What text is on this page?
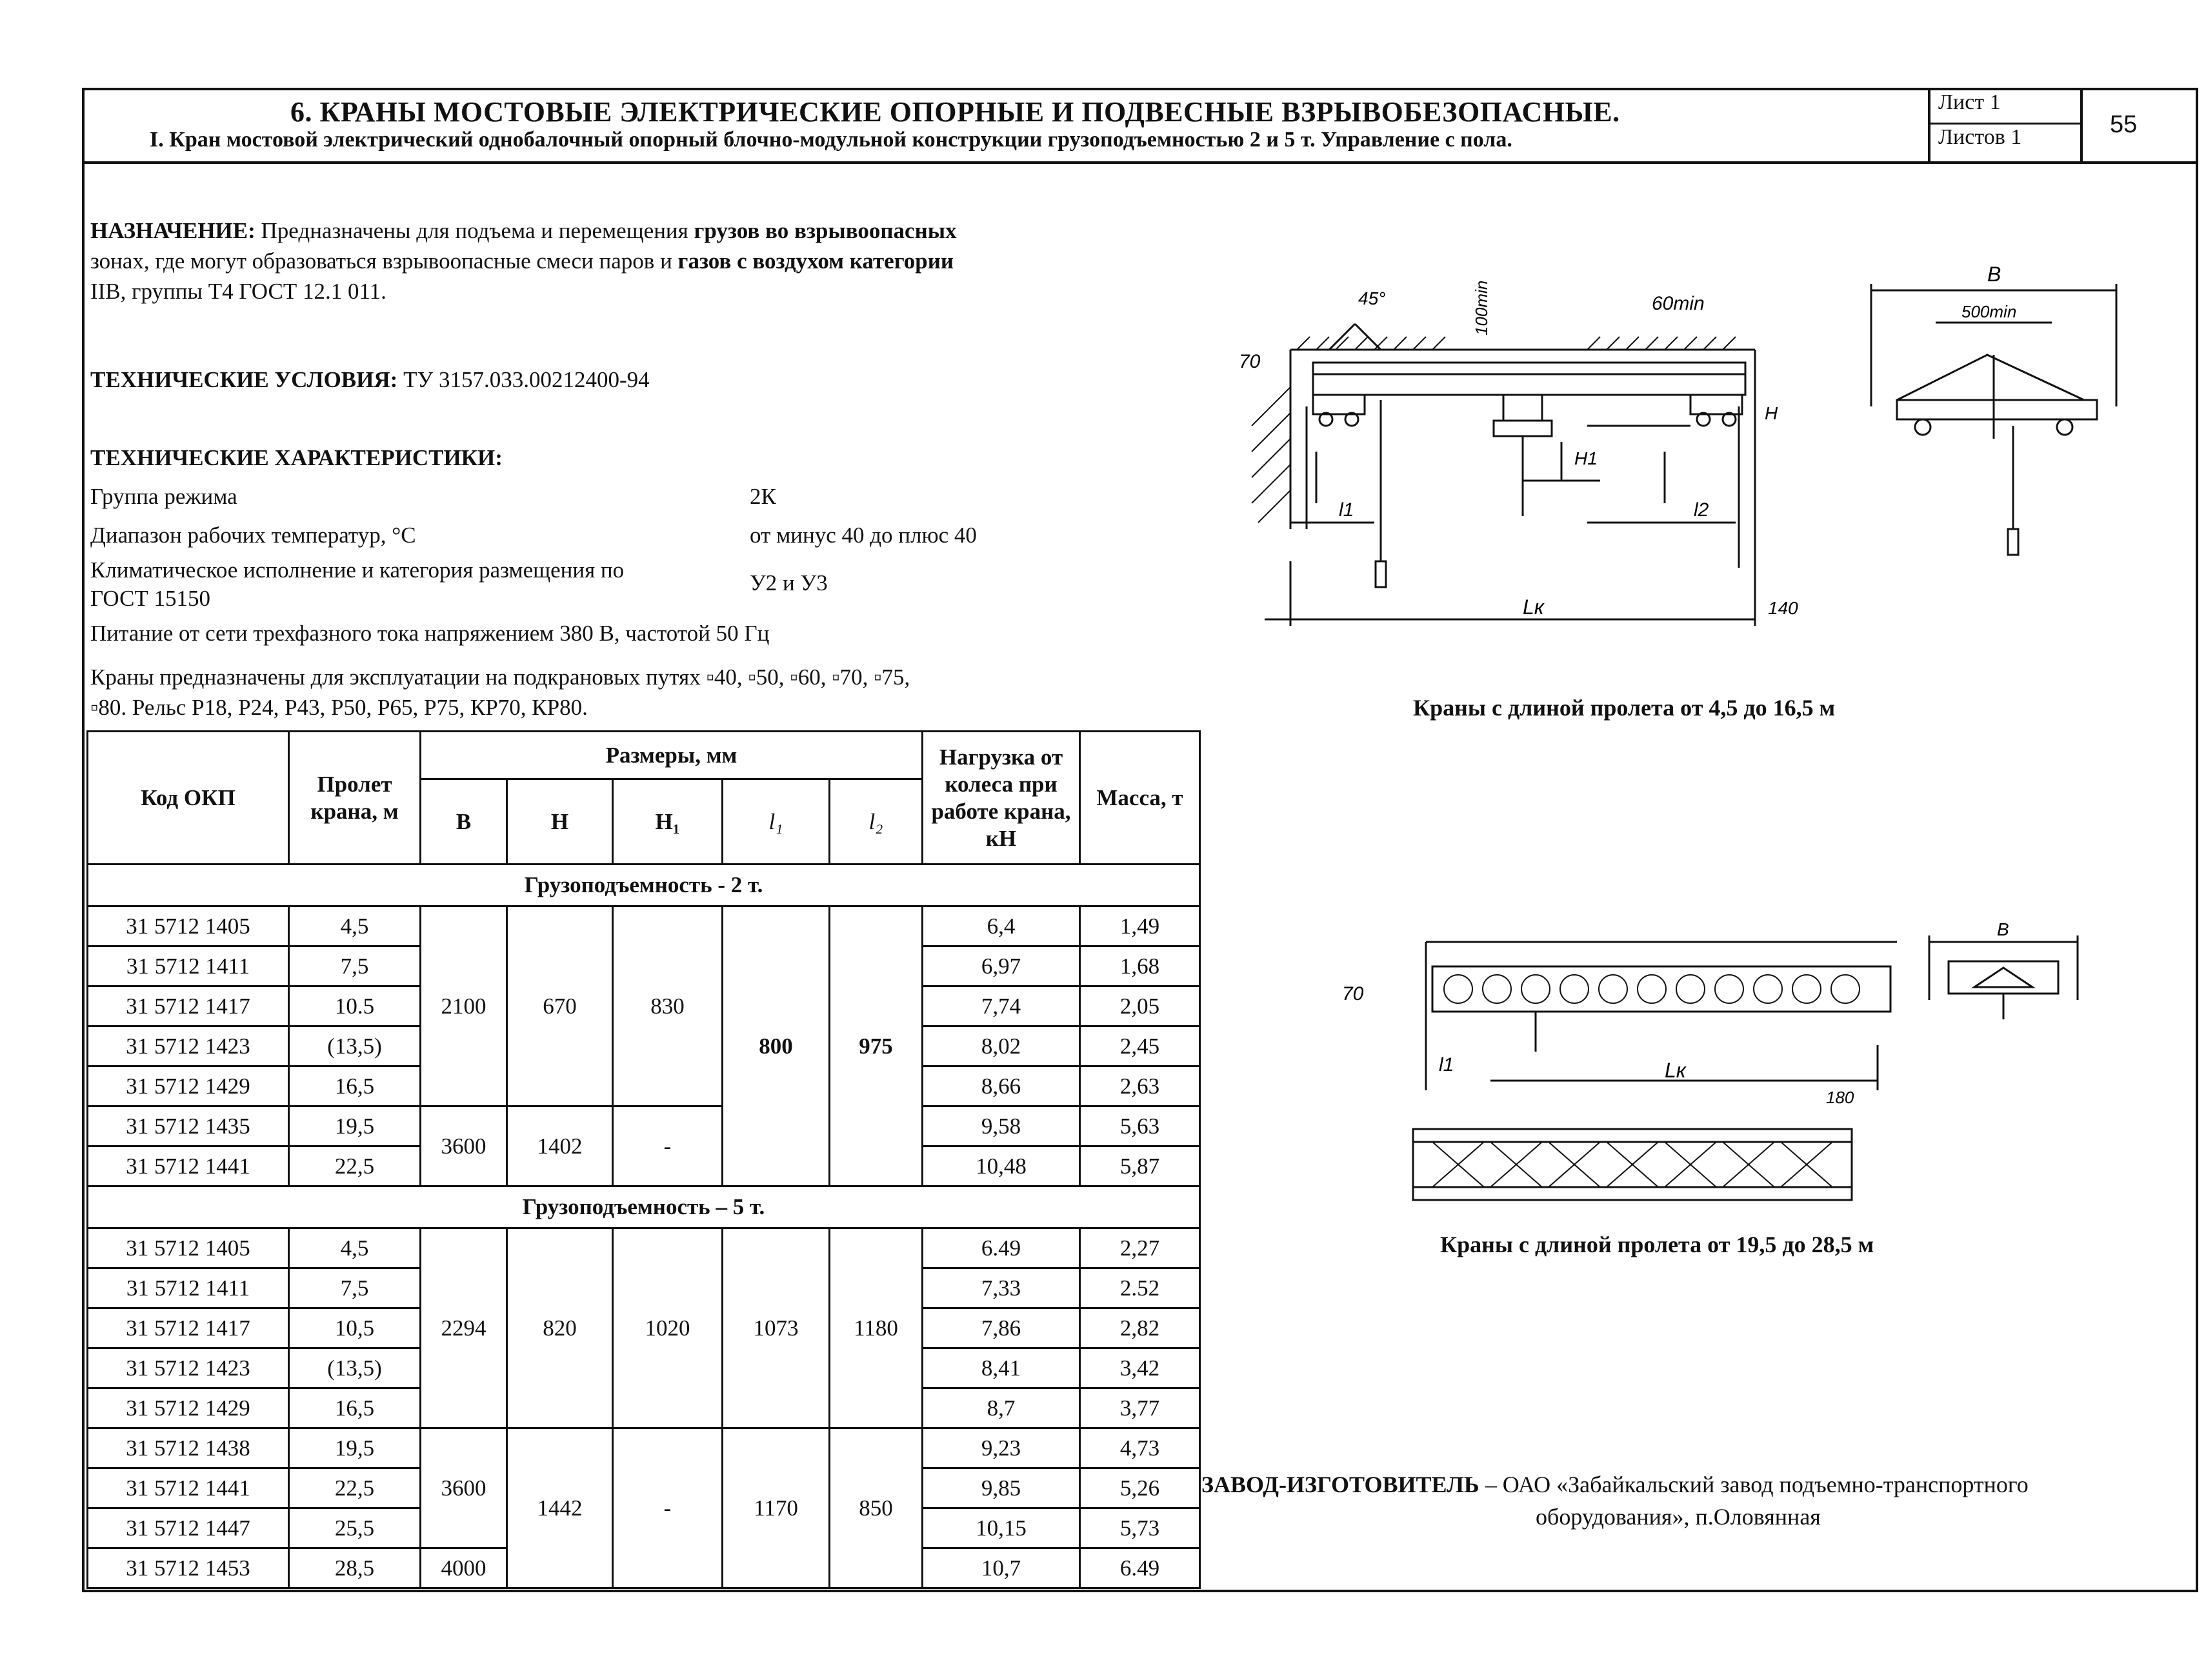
6. КРАНЫ МОСТОВЫЕ ЭЛЕКТРИЧЕСКИЕ ОПОРНЫЕ И ПОДВЕСНЫЕ ВЗРЫВОБЕЗОПАСНЫЕ.
I. Кран мостовой электрический однобалочный опорный блочно-модульной конструкции грузоподъемностью 2 и 5 т. Управление с пола.
Лист 1
Листов 1	55
НАЗНАЧЕНИЕ: Предназначены для подъема и перемещения грузов во взрывоопасных
зонах, где могут образоваться взрывоопасные смеси паров и газов с воздухом категории
IIВ, группы Т4 ГОСТ 12.1 011.
ТЕХНИЧЕСКИЕ УСЛОВИЯ: ТУ 3157.033.00212400-94
ТЕХНИЧЕСКИЕ ХАРАКТЕРИСТИКИ:
Группа режима	2К
Диапазон рабочих температур, °С	от минус 40 до плюс 40
Климатическое исполнение и категория размещения по
ГОСТ 15150
У2 и У3
Питание от сети трехфазного тока напряжением 380 В, частотой 50 Гц
Краны предназначены для эксплуатации на подкрановых путях ▫40, ▫50, ▫60, ▫70, ▫75,
▫80. Рельс Р18, Р24, Р43, Р50, Р65, Р75, КР70, КР80.
Код ОКП	Пролет крана, м	Размеры, мм					Нагрузка от колеса при работе крана, кН	Масса, т
		В	Н	Н₁	l₁	l₂		
Грузоподъемность - 2 т.								
31 5712 1405	4,5	2100	670	830	800	975	6,4	1,49
31 5712 1411	7,5						6,97	1,68
31 5712 1417	10.5						7,74	2,05
31 5712 1423	(13,5)						8,02	2,45
31 5712 1429	16,5						8,66	2,63
31 5712 1435	19,5	3600	1402	-			9,58	5,63
31 5712 1441	22,5						10,48	5,87
Грузоподъемность – 5 т.								
31 5712 1405	4,5	2294	820	1020	1073	1180	6.49	2,27
31 5712 1411	7,5						7,33	2.52
31 5712 1417	10,5						7,86	2,82
31 5712 1423	(13,5)						8,41	3,42
31 5712 1429	16,5						8,7	3,77
31 5712 1438	19,5	3600	1442	-	1170	850	9,23	4,73
31 5712 1441	22,5						9,85	5,26
31 5712 1447	25,5						10,15	5,73
31 5712 1453	28,5	4000					10,7	6.49
70
45°	100min	60min
H
H1
l1	l2
Lк	140
B
500min
Краны с длиной пролета от 4,5 до 16,5 м
70
l1	Lк
180
B
Краны с длиной пролета от 19,5 до 28,5 м
ЗАВОД-ИЗГОТОВИТЕЛЬ – ОАО «Забайкальский завод подъемно-транспортного
оборудования», п.Оловянная
